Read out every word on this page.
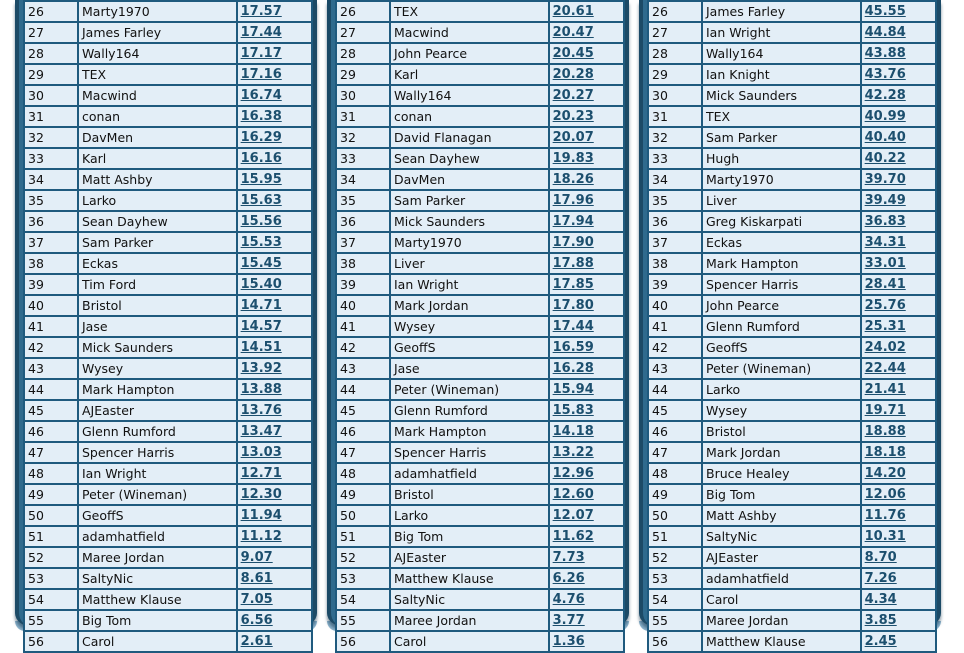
26	Marty1970	17.57
27	James Farley	17.44
28	Wally164	17.17
29	TEX	17.16
30	Macwind	16.74
31	conan	16.38
32	DavMen	16.29
33	Karl	16.16
34	Matt Ashby	15.95
35	Larko	15.63
36	Sean Dayhew	15.56
37	Sam Parker	15.53
38	Eckas	15.45
39	Tim Ford	15.40
40	Bristol	14.71
41	Jase	14.57
42	Mick Saunders	14.51
43	Wysey	13.92
44	Mark Hampton	13.88
45	AJEaster	13.76
46	Glenn Rumford	13.47
47	Spencer Harris	13.03
48	Ian Wright	12.71
49	Peter (Wineman)	12.30
50	GeoffS	11.94
51	adamhatfield	11.12
52	Maree Jordan	9.07
53	SaltyNic	8.61
54	Matthew Klause	7.05
55	Big Tom	6.56
56	Carol	2.61
26	TEX	20.61
27	Macwind	20.47
28	John Pearce	20.45
29	Karl	20.28
30	Wally164	20.27
31	conan	20.23
32	David Flanagan	20.07
33	Sean Dayhew	19.83
34	DavMen	18.26
35	Sam Parker	17.96
36	Mick Saunders	17.94
37	Marty1970	17.90
38	Liver	17.88
39	Ian Wright	17.85
40	Mark Jordan	17.80
41	Wysey	17.44
42	GeoffS	16.59
43	Jase	16.28
44	Peter (Wineman)	15.94
45	Glenn Rumford	15.83
46	Mark Hampton	14.18
47	Spencer Harris	13.22
48	adamhatfield	12.96
49	Bristol	12.60
50	Larko	12.07
51	Big Tom	11.62
52	AJEaster	7.73
53	Matthew Klause	6.26
54	SaltyNic	4.76
55	Maree Jordan	3.77
56	Carol	1.36
26	James Farley	45.55
27	Ian Wright	44.84
28	Wally164	43.88
29	Ian Knight	43.76
30	Mick Saunders	42.28
31	TEX	40.99
32	Sam Parker	40.40
33	Hugh	40.22
34	Marty1970	39.70
35	Liver	39.49
36	Greg Kiskarpati	36.83
37	Eckas	34.31
38	Mark Hampton	33.01
39	Spencer Harris	28.41
40	John Pearce	25.76
41	Glenn Rumford	25.31
42	GeoffS	24.02
43	Peter (Wineman)	22.44
44	Larko	21.41
45	Wysey	19.71
46	Bristol	18.88
47	Mark Jordan	18.18
48	Bruce Healey	14.20
49	Big Tom	12.06
50	Matt Ashby	11.76
51	SaltyNic	10.31
52	AJEaster	8.70
53	adamhatfield	7.26
54	Carol	4.34
55	Maree Jordan	3.85
56	Matthew Klause	2.45
